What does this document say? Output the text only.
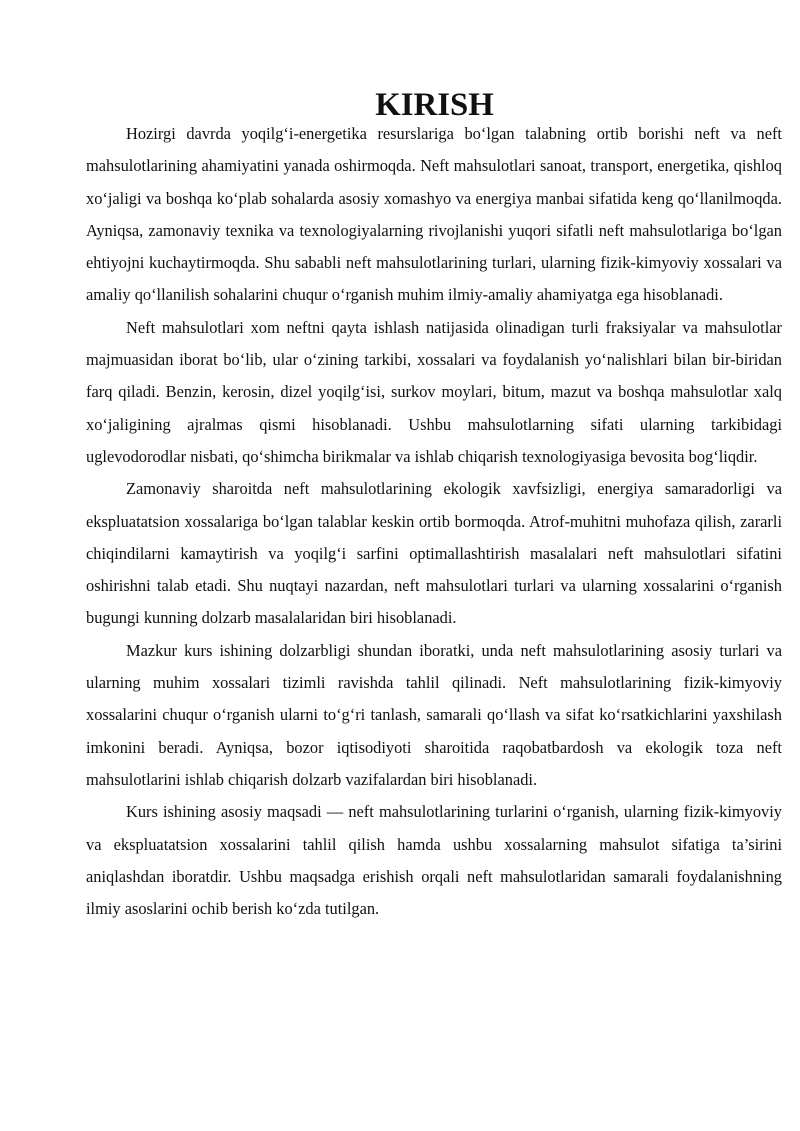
KIRISH

Hozirgi davrda yoqilg‘i-energetika resurslariga bo‘lgan talabning ortib borishi neft va neft mahsulotlarining ahamiyatini yanada oshirmoqda. Neft mahsulotlari sanoat, transport, energetika, qishloq xo‘jaligi va boshqa ko‘plab sohalarda asosiy xomashyo va energiya manbai sifatida keng qo‘llanilmoqda. Ayniqsa, zamonaviy texnika va texnologiyalarning rivojlanishi yuqori sifatli neft mahsulotlariga bo‘lgan ehtiyojni kuchaytirmoqda. Shu sababli neft mahsulotlarining turlari, ularning fizik-kimyoviy xossalari va amaliy qo‘llanilish sohalarini chuqur o‘rganish muhim ilmiy-amaliy ahamiyatga ega hisoblanadi.

Neft mahsulotlari xom neftni qayta ishlash natijasida olinadigan turli fraksiyalar va mahsulotlar majmuasidan iborat bo‘lib, ular o‘zining tarkibi, xossalari va foydalanish yo‘nalishlari bilan bir-biridan farq qiladi. Benzin, kerosin, dizel yoqilg‘isi, surkov moylari, bitum, mazut va boshqa mahsulotlar xalq xo‘jaligining ajralmas qismi hisoblanadi. Ushbu mahsulotlarning sifati ularning tarkibidagi uglevodorodlar nisbati, qo‘shimcha birikmalar va ishlab chiqarish texnologiyasiga bevosita bog‘liqdir.

Zamonaviy sharoitda neft mahsulotlarining ekologik xavfsizligi, energiya samaradorligi va ekspluatatsion xossalariga bo‘lgan talablar keskin ortib bormoqda. Atrof-muhitni muhofaza qilish, zararli chiqindilarni kamaytirish va yoqilg‘i sarfini optimallashtirish masalalari neft mahsulotlari sifatini oshirishni talab etadi. Shu nuqtayi nazardan, neft mahsulotlari turlari va ularning xossalarini o‘rganish bugungi kunning dolzarb masalalaridan biri hisoblanadi.

Mazkur kurs ishining dolzarbligi shundan iboratki, unda neft mahsulotlarining asosiy turlari va ularning muhim xossalari tizimli ravishda tahlil qilinadi. Neft mahsulotlarining fizik-kimyoviy xossalarini chuqur o‘rganish ularni to‘g‘ri tanlash, samarali qo‘llash va sifat ko‘rsatkichlarini yaxshilash imkonini beradi. Ayniqsa, bozor iqtisodiyoti sharoitida raqobatbardosh va ekologik toza neft mahsulotlarini ishlab chiqarish dolzarb vazifalardan biri hisoblanadi.

Kurs ishining asosiy maqsadi — neft mahsulotlarining turlarini o‘rganish, ularning fizik-kimyoviy va ekspluatatsion xossalarini tahlil qilish hamda ushbu xossalarning mahsulot sifatiga ta’sirini aniqlashdan iboratdir. Ushbu maqsadga erishish orqali neft mahsulotlaridan samarali foydalanishning ilmiy asoslarini ochib berish ko‘zda tutilgan.
